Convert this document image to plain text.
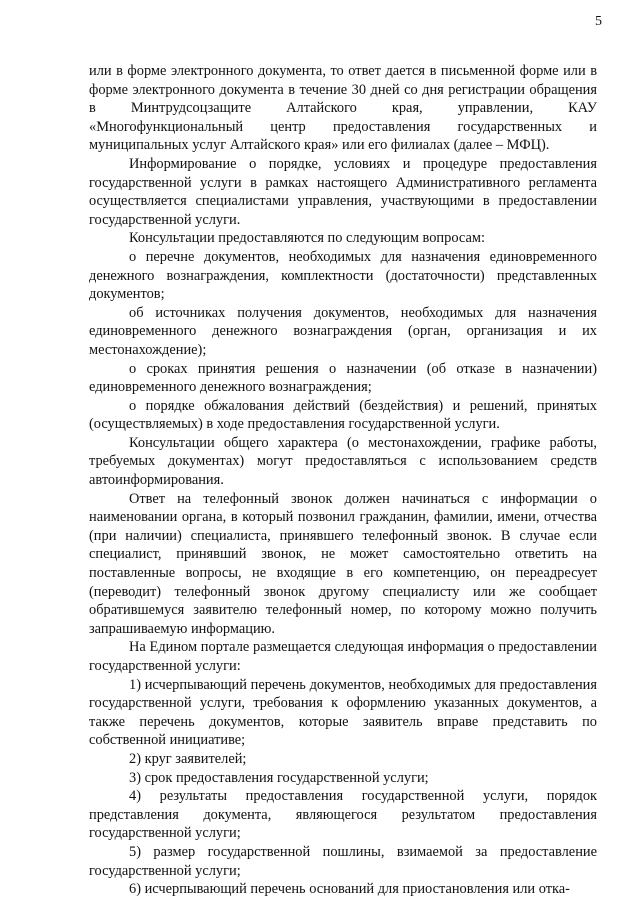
5

или в форме электронного документа, то ответ дается в письменной форме или в форме электронного документа в течение 30 дней со дня регистрации обращения в Минтрудсоцзащите Алтайского края, управлении, КАУ «Многофункциональный центр предоставления государственных и муниципальных услуг Алтайского края» или его филиалах (далее – МФЦ).

Информирование о порядке, условиях и процедуре предоставления государственной услуги в рамках настоящего Административного регламента осуществляется специалистами управления, участвующими в предоставлении государственной услуги.

Консультации предоставляются по следующим вопросам:

о перечне документов, необходимых для назначения единовременного денежного вознаграждения, комплектности (достаточности) представленных документов;

об источниках получения документов, необходимых для назначения единовременного денежного вознаграждения (орган, организация и их местонахождение);

о сроках принятия решения о назначении (об отказе в назначении) единовременного денежного вознаграждения;

о порядке обжалования действий (бездействия) и решений, принятых (осуществляемых) в ходе предоставления государственной услуги.

Консультации общего характера (о местонахождении, графике работы, требуемых документах) могут предоставляться с использованием средств автоинформирования.

Ответ на телефонный звонок должен начинаться с информации о наименовании органа, в который позвонил гражданин, фамилии, имени, отчества (при наличии) специалиста, принявшего телефонный звонок. В случае если специалист, принявший звонок, не может самостоятельно ответить на поставленные вопросы, не входящие в его компетенцию, он переадресует (переводит) телефонный звонок другому специалисту или же сообщает обратившемуся заявителю телефонный номер, по которому можно получить запрашиваемую информацию.

На Едином портале размещается следующая информация о предоставлении государственной услуги:

1) исчерпывающий перечень документов, необходимых для предоставления государственной услуги, требования к оформлению указанных документов, а также перечень документов, которые заявитель вправе представить по собственной инициативе;

2) круг заявителей;

3) срок предоставления государственной услуги;

4) результаты предоставления государственной услуги, порядок представления документа, являющегося результатом предоставления государственной услуги;

5) размер государственной пошлины, взимаемой за предоставление государственной услуги;

6) исчерпывающий перечень оснований для приостановления или отка-
